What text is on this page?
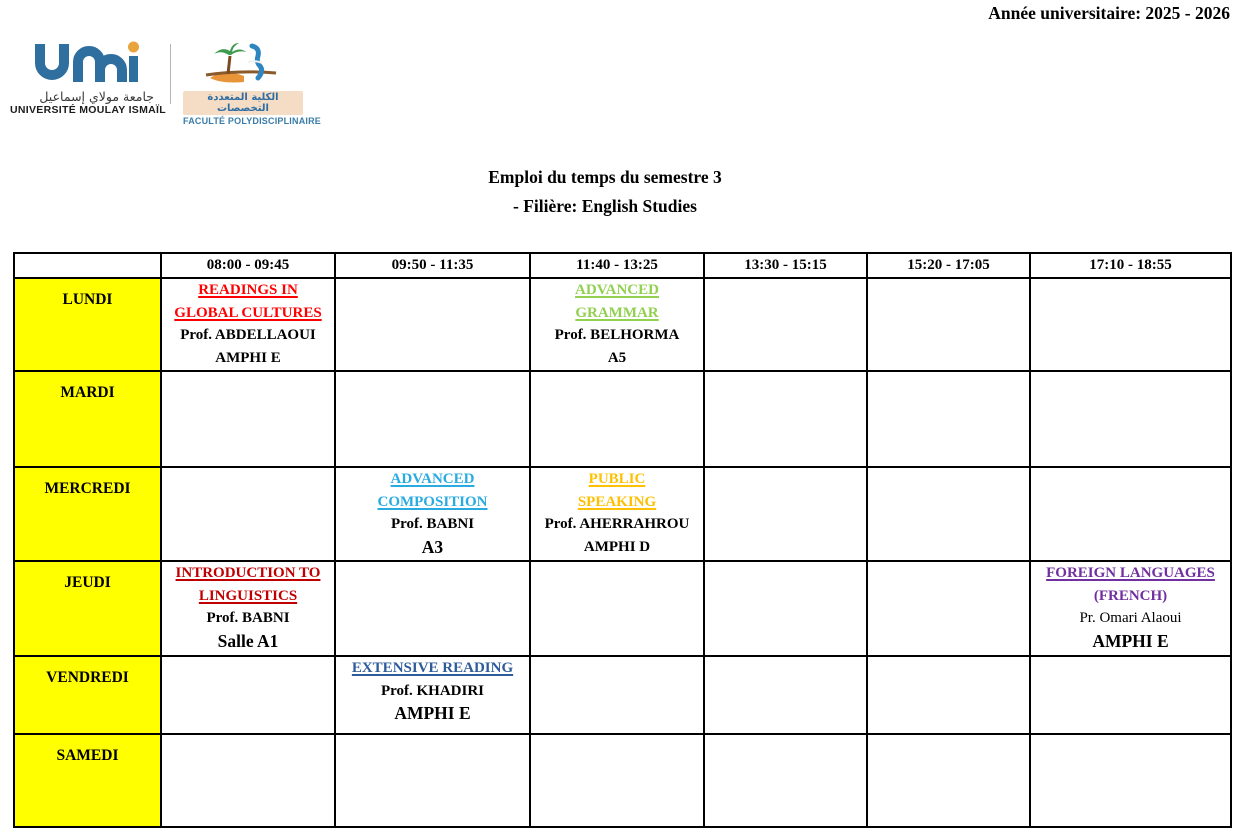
Année universitaire: 2025 - 2026
جامعة مولاي إسماعيل
UNIVERSITÉ MOULAY ISMAÏL
الكلية المتعددة التخصصات
FACULTÉ POLYDISCIPLINAIRE
Emploi du temps du semestre 3
- Filière: English Studies
	08:00 - 09:45	09:50 - 11:35	11:40 - 13:25	13:30 - 15:15	15:20 - 17:05	17:10 - 18:55
LUNDI	READINGS IN
GLOBAL CULTURES
Prof. ABDELLAOUI
AMPHI E		ADVANCED
GRAMMAR
Prof. BELHORMA
A5			

MARDI						
MERCREDI		ADVANCED
COMPOSITION
Prof. BABNI
A3	PUBLIC
SPEAKING
Prof. AHERRAHROU
AMPHI D			

JEUDI	INTRODUCTION TO
LINGUISTICS
Prof. BABNI
Salle A1					FOREIGN LANGUAGES
(FRENCH)
Pr. Omari Alaoui
AMPHI E

VENDREDI		EXTENSIVE READING
Prof. KHADIRI
AMPHI E				

SAMEDI						
